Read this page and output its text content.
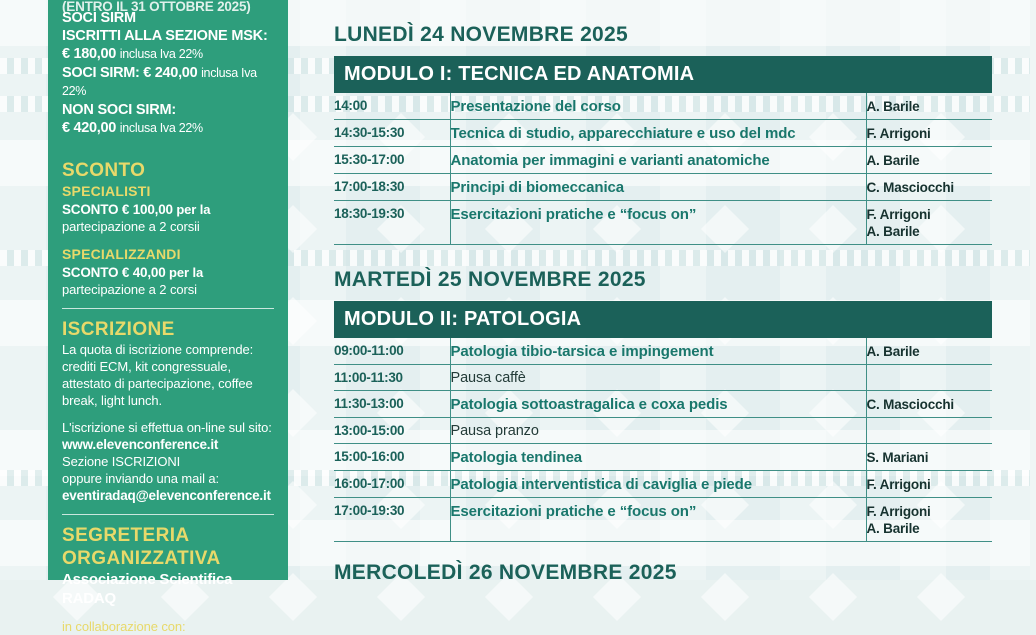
(ENTRO IL 31 OTTOBRE 2025)
SOCI SIRM
ISCRITTI ALLA SEZIONE MSK:
€ 180,00 inclusa Iva 22%
SOCI SIRM: € 240,00 inclusa Iva 22%
NON SOCI SIRM:
€ 420,00 inclusa Iva 22%
SCONTO
SPECIALISTI
SCONTO € 100,00 per la
partecipazione a 2 corsii
SPECIALIZZANDI
SCONTO € 40,00 per la
partecipazione a 2 corsi
ISCRIZIONE
La quota di iscrizione comprende: crediti ECM, kit congressuale, attestato di partecipazione, coffee break, light lunch.
L'iscrizione si effettua on-line sul sito:
www.elevenconference.it
Sezione ISCRIZIONI
oppure inviando una mail a:
eventiradaq@elevenconference.it
SEGRETERIA
ORGANIZZATIVA
Associazione Scientifica
RADAQ
in collaborazione con:
LUNEDÌ 24 NOVEMBRE 2025
MODULO I: TECNICA ED ANATOMIA
14:00	Presentazione del corso	A. Barile

14:30-15:30	Tecnica di studio, apparecchiature e uso del mdc	F. Arrigoni

15:30-17:00	Anatomia per immagini e varianti anatomiche	A. Barile

17:00-18:30	Principi di biomeccanica	C. Masciocchi

18:30-19:30	Esercitazioni pratiche e “focus on”	F. Arrigoni
A. Barile
MARTEDÌ 25 NOVEMBRE 2025
MODULO II: PATOLOGIA
09:00-11:00	Patologia tibio-tarsica e impingement	A. Barile

11:00-11:30	Pausa caffè	
11:30-13:00	Patologia sottoastragalica e coxa pedis	C. Masciocchi

13:00-15:00	Pausa pranzo	
15:00-16:00	Patologia tendinea	S. Mariani

16:00-17:00	Patologia interventistica di caviglia e piede	F. Arrigoni

17:00-19:30	Esercitazioni pratiche e “focus on”	F. Arrigoni
A. Barile
MERCOLEDÌ 26 NOVEMBRE 2025
